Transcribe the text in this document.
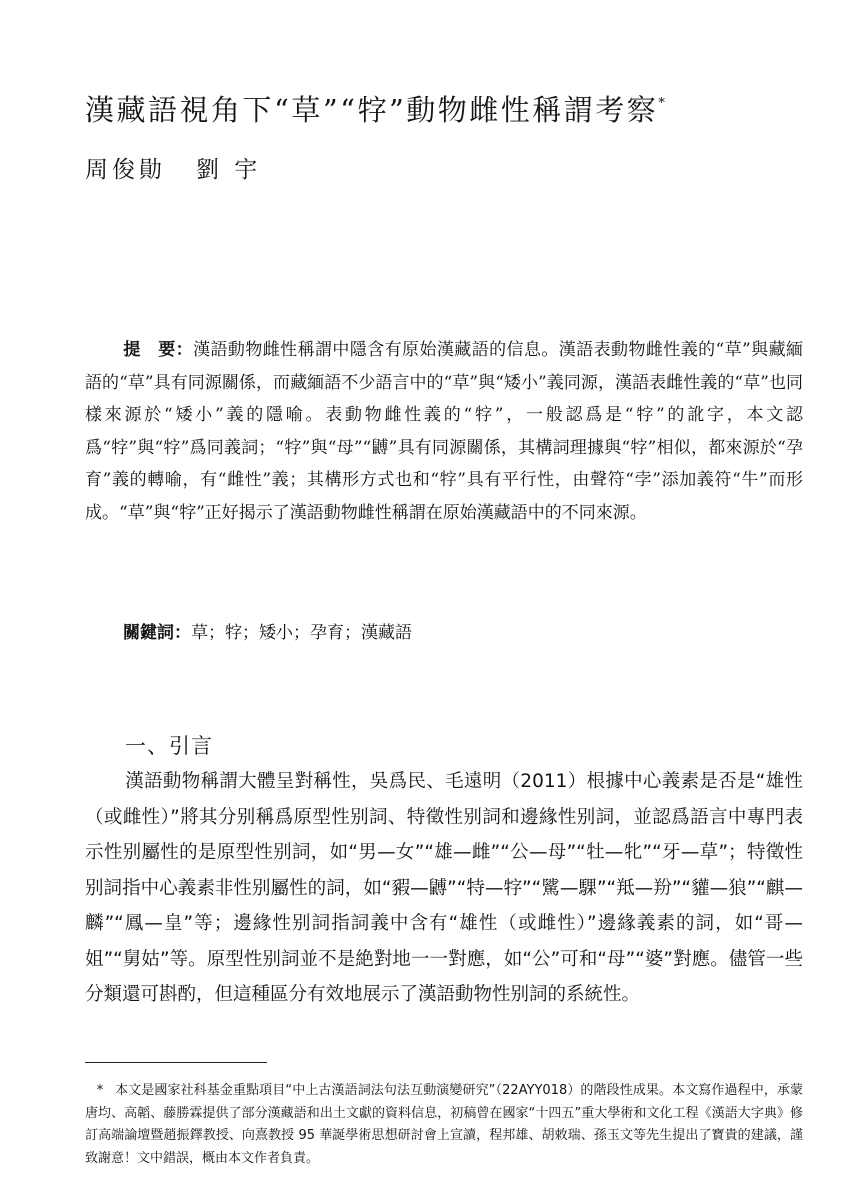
漢藏語視角下“草”“牸”動物雌性稱謂考察*
周俊勛 劉 宇

提　要：漢語動物雌性稱謂中隱含有原始漢藏語的信息。漢語表動物雌性義的“草”與藏緬語的“草”具有同源關係，而藏緬語不少語言中的“草”與“矮小”義同源，漢語表雌性義的“草”也同樣來源於“矮小”義的隱喻。表動物雌性義的“牸”，一般認爲是“牸”的訛字，本文認爲“牸”與“牸”爲同義詞；“牸”與“母”“䶈”具有同源關係，其構詞理據與“牸”相似，都來源於“孕育”義的轉喻，有“雌性”義；其構形方式也和“牸”具有平行性，由聲符“孛”添加義符“牛”而形成。“草”與“牸”正好揭示了漢語動物雌性稱謂在原始漢藏語中的不同來源。

關鍵詞：草；牸；矮小；孕育；漢藏語
一、引言

漢語動物稱謂大體呈對稱性，吳爲民、毛遠明（2011）根據中心義素是否是“雄性（或雌性）”將其分别稱爲原型性别詞、特徵性别詞和邊緣性别詞，並認爲語言中專門表示性别屬性的是原型性别詞，如“男—女”“雄—雌”“公—母”“牡—牝”“牙—草”；特徵性别詞指中心義素非性别屬性的詞，如“豭—䶈”“特—牸”“騭—騍”“羝—羒”“貛—狼”“麒—麟”“鳳—皇”等；邊緣性别詞指詞義中含有“雄性（或雌性）”邊緣義素的詞，如“哥—姐”“舅姑”等。原型性别詞並不是絶對地一一對應，如“公”可和“母”“婆”對應。儘管一些分類還可斟酌，但這種區分有效地展示了漢語動物性别詞的系統性。

* 本文是國家社科基金重點項目“中上古漢語詞法句法互動演變研究”（22AYY018）的階段性成果。本文寫作過程中，承蒙唐均、高韜、藤勝霖提供了部分漢藏語和出土文獻的資料信息，初稿曾在國家“十四五”重大學術和文化工程《漢語大字典》修訂高端論壇暨趙振鐸教授、向熹教授 95 華誕學術思想研討會上宣讀，程邦雄、胡敕瑞、孫玉文等先生提出了寶貴的建議，謹致謝意！文中錯誤，概由本文作者負責。
